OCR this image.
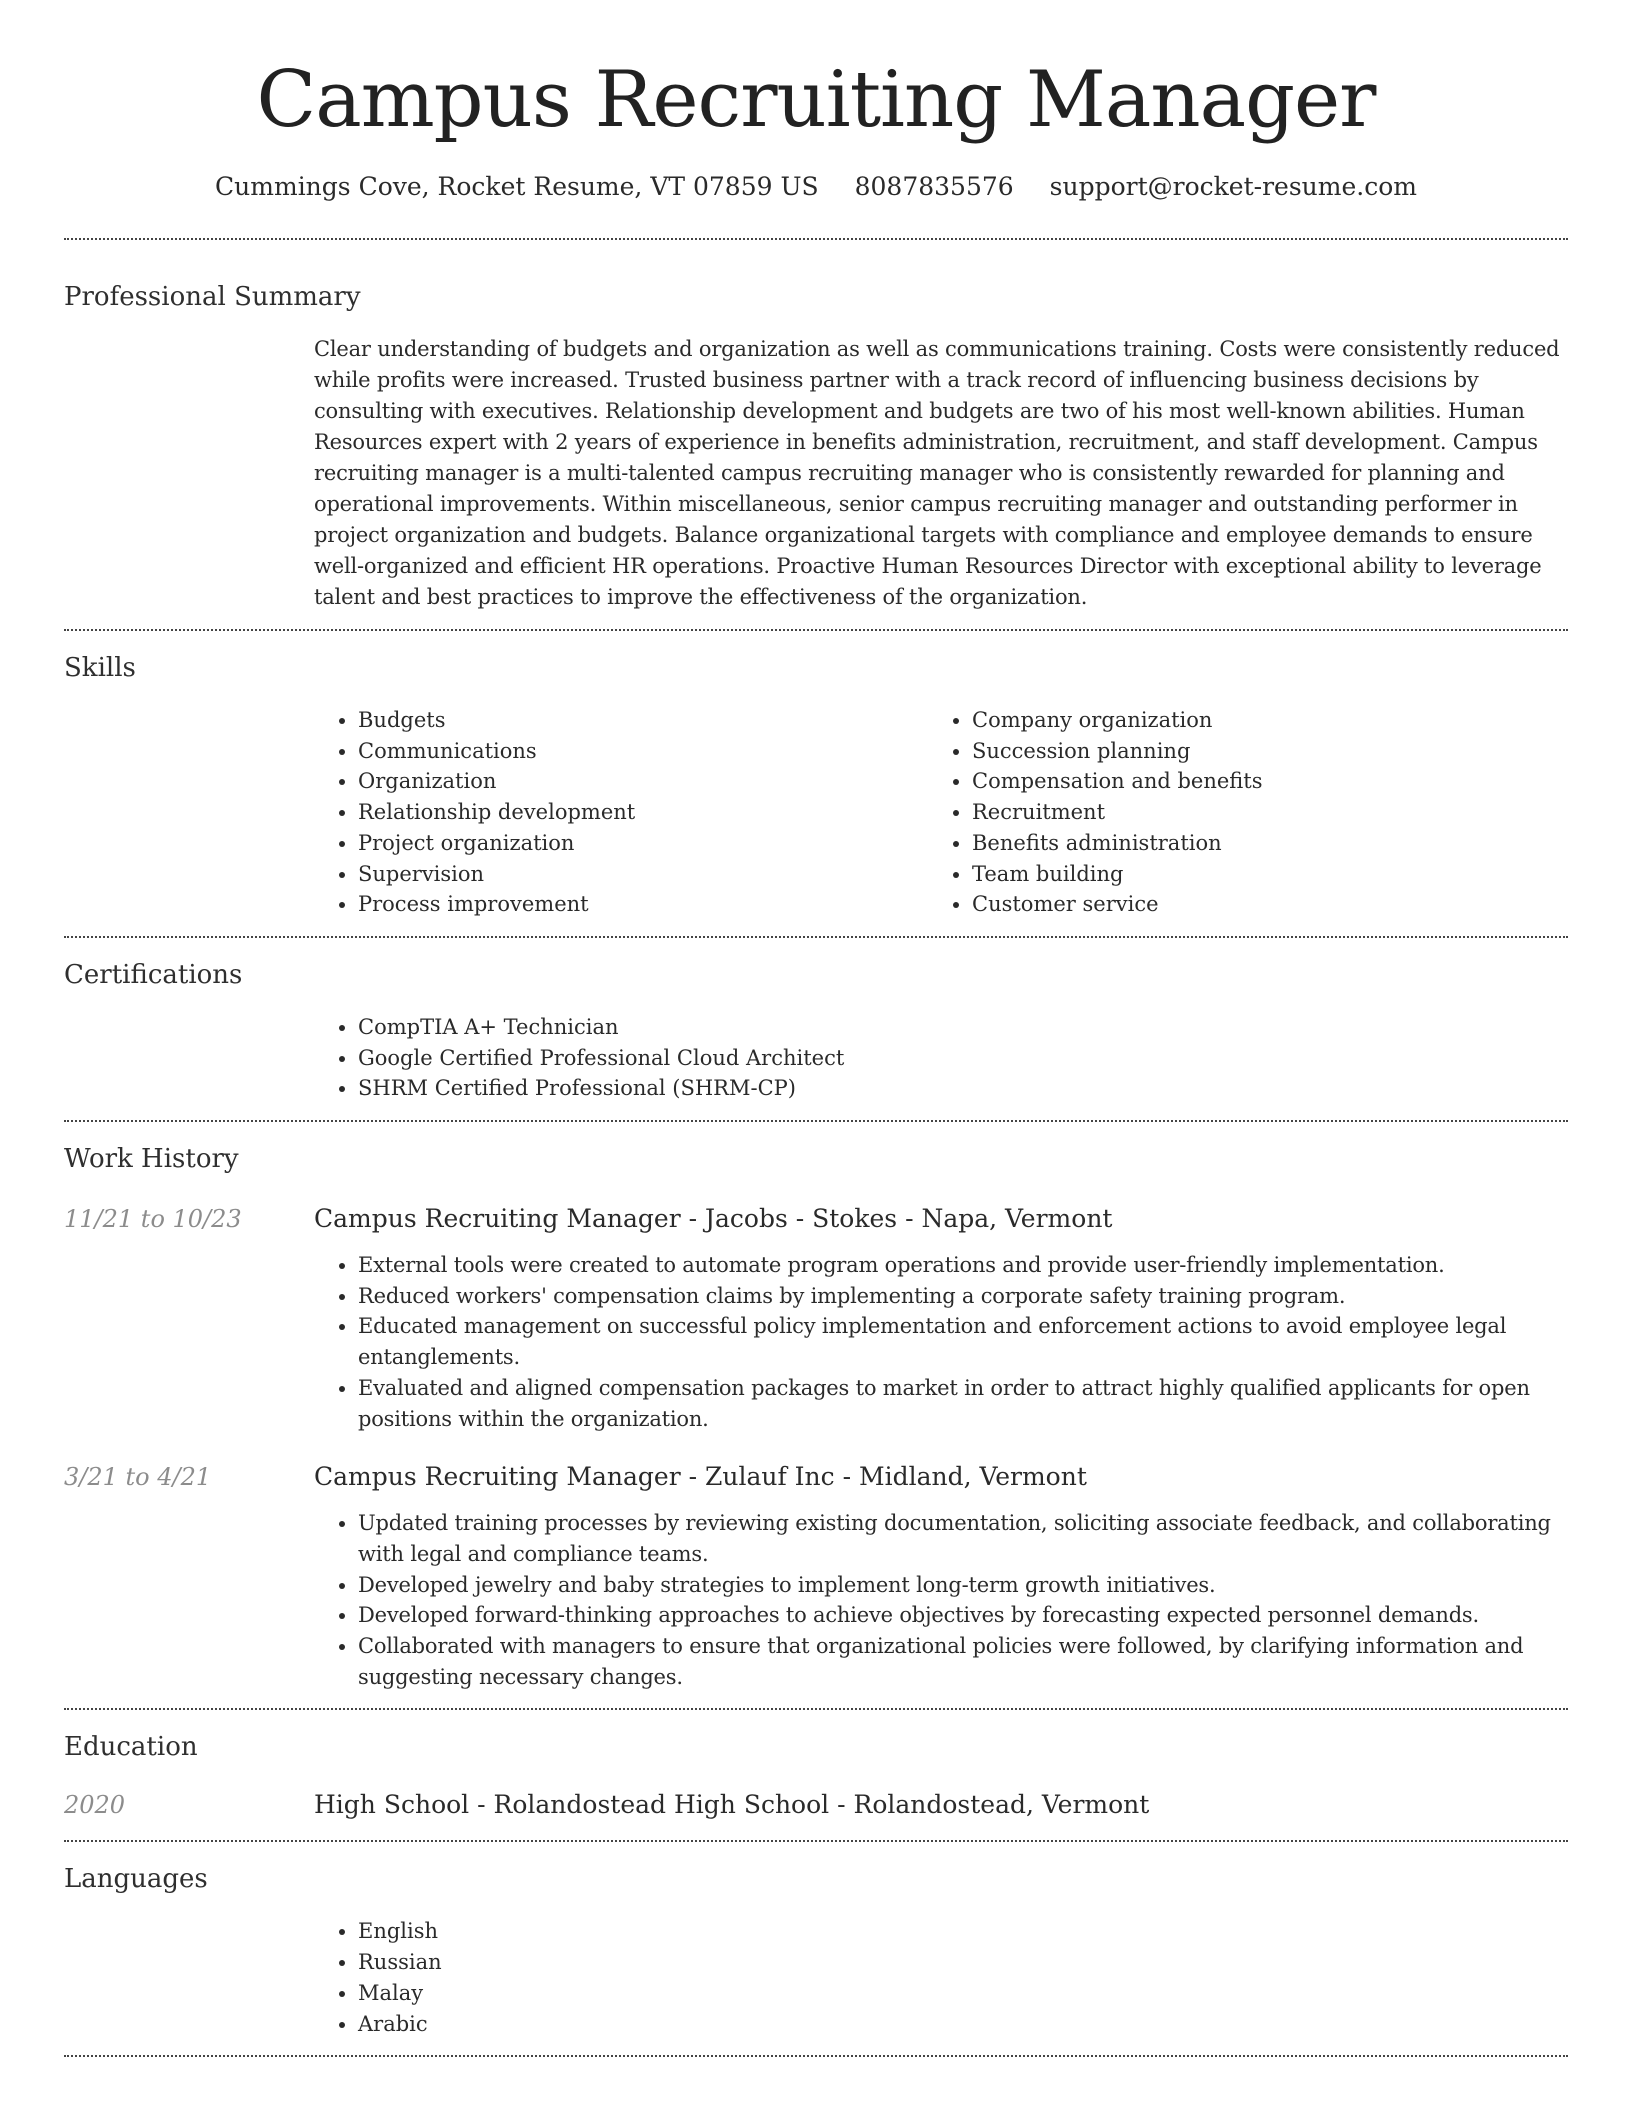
Campus Recruiting Manager
Cummings Cove, Rocket Resume, VT 07859 US 8087835576 support@rocket-resume.com
Professional Summary
Clear understanding of budgets and organization as well as communications training. Costs were consistently reduced while profits were increased. Trusted business partner with a track record of influencing business decisions by consulting with executives. Relationship development and budgets are two of his most well-known abilities. Human Resources expert with 2 years of experience in benefits administration, recruitment, and staff development. Campus recruiting manager is a multi-talented campus recruiting manager who is consistently rewarded for planning and operational improvements. Within miscellaneous, senior campus recruiting manager and outstanding performer in project organization and budgets. Balance organizational targets with compliance and employee demands to ensure well-organized and efficient HR operations. Proactive Human Resources Director with exceptional ability to leverage talent and best practices to improve the effectiveness of the organization.
Skills
• Budgets
• Communications
• Organization
• Relationship development
• Project organization
• Supervision
• Process improvement
• Company organization
• Succession planning
• Compensation and benefits
• Recruitment
• Benefits administration
• Team building
• Customer service
Certifications
• CompTIA A+ Technician
• Google Certified Professional Cloud Architect
• SHRM Certified Professional (SHRM-CP)
Work History
11/21 to 10/23	Campus Recruiting Manager - Jacobs - Stokes - Napa, Vermont
• External tools were created to automate program operations and provide user-friendly implementation.
• Reduced workers' compensation claims by implementing a corporate safety training program.
• Educated management on successful policy implementation and enforcement actions to avoid employee legal entanglements.
• Evaluated and aligned compensation packages to market in order to attract highly qualified applicants for open positions within the organization.
3/21 to 4/21	Campus Recruiting Manager - Zulauf Inc - Midland, Vermont
• Updated training processes by reviewing existing documentation, soliciting associate feedback, and collaborating with legal and compliance teams.
• Developed jewelry and baby strategies to implement long-term growth initiatives.
• Developed forward-thinking approaches to achieve objectives by forecasting expected personnel demands.
• Collaborated with managers to ensure that organizational policies were followed, by clarifying information and suggesting necessary changes.
Education
2020	High School - Rolandostead High School - Rolandostead, Vermont
Languages
• English
• Russian
• Malay
• Arabic
